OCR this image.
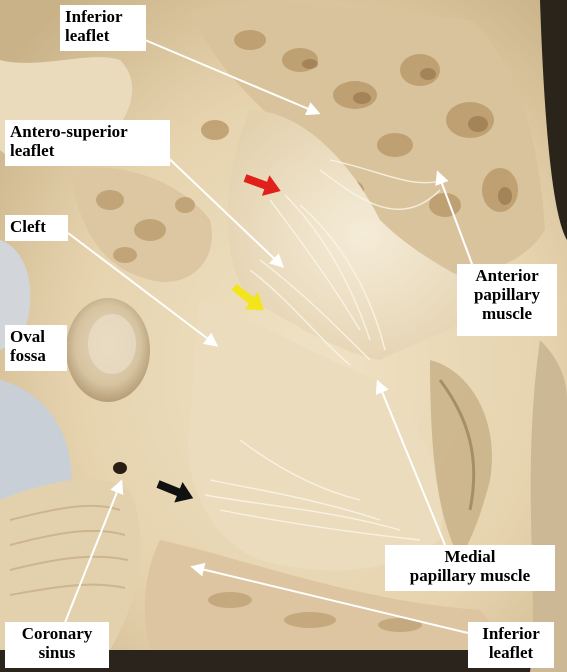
Inferior
leaflet
Antero-superior
leaflet
Cleft
Oval
fossa
Anterior
papillary
muscle
Medial
papillary muscle
Coronary
sinus
Inferior
leaflet
